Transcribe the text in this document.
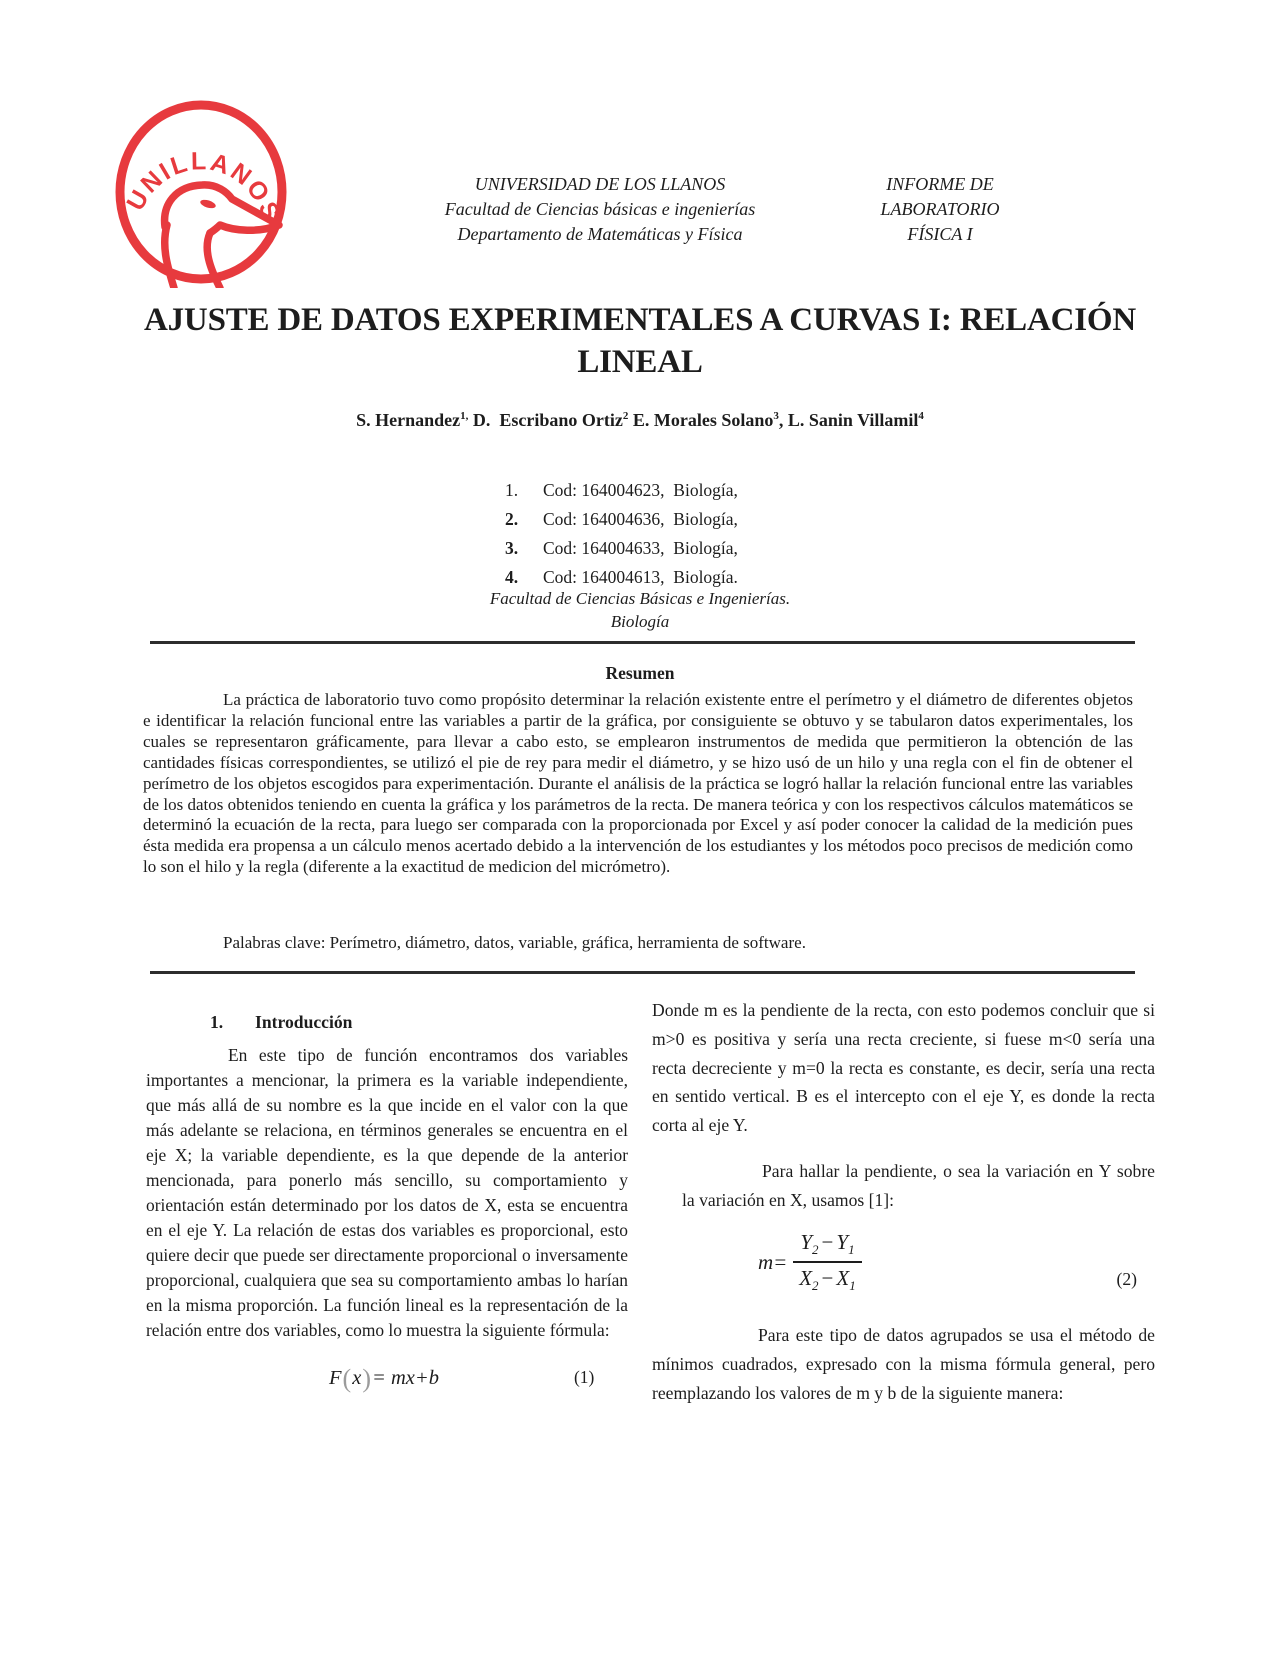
UNILLANOS
UNIVERSIDAD DE LOS LLANOS
Facultad de Ciencias básicas e ingenierías
Departamento de Matemáticas y Física
INFORME DE
LABORATORIO
FÍSICA I
AJUSTE DE DATOS EXPERIMENTALES A CURVAS I: RELACIÓN
LINEAL
S. Hernandez$^{1,}$ D.  Escribano Ortiz$^2$ E. Morales Solano$^3$, L. Sanin Villamil$^4$
1.	Cod: 164004623,  Biología,
2.	Cod: 164004636,  Biología,
3.	Cod: 164004633,  Biología,
4.	Cod: 164004613,  Biología.
Facultad de Ciencias Básicas e Ingenierías.
Biología
Resumen

La práctica de laboratorio tuvo como propósito determinar la relación existente entre el perímetro y el diámetro de diferentes objetos e identificar la relación funcional entre las variables a partir de la gráfica, por consiguiente se obtuvo y se tabularon datos experimentales, los cuales se representaron gráficamente, para llevar a cabo esto, se emplearon instrumentos de medida que permitieron la obtención de las cantidades físicas correspondientes, se utilizó el pie de rey para medir el diámetro, y se hizo usó de un hilo y una regla con el fin de obtener el perímetro de los objetos escogidos para experimentación. Durante el análisis de la práctica se logró hallar la relación funcional entre las variables de los datos obtenidos teniendo en cuenta la gráfica y los parámetros de la recta. De manera teórica y con los respectivos cálculos matemáticos se determinó la ecuación de la recta, para luego ser comparada con la proporcionada por Excel y así poder conocer la calidad de la medición pues ésta medida era propensa a un cálculo menos acertado debido a la intervención de los estudiantes y los métodos poco precisos de medición como lo son el hilo y la regla (diferente a la exactitud de medicion del micrómetro).

Palabras clave: Perímetro, diámetro, datos, variable, gráfica, herramienta de software.

1.	Introducción

En este tipo de función encontramos dos variables importantes a mencionar, la primera es la variable independiente, que más allá de su nombre es la que incide en el valor con la que más adelante se relaciona, en términos generales se encuentra en el eje X; la variable dependiente, es la que depende de la anterior mencionada, para ponerlo más sencillo, su comportamiento y orientación están determinado por los datos de X, esta se encuentra en el eje Y. La relación de estas dos variables es proporcional, esto quiere decir que puede ser directamente proporcional o inversamente proporcional, cualquiera que sea su comportamiento ambas lo harían en la misma proporción. La función lineal es la representación de la relación entre dos variables, como lo muestra la siguiente fórmula:

F(x)= mx+b	(1)

Donde m es la pendiente de la recta, con esto podemos concluir que si m>0 es positiva y sería una recta creciente, si fuese m<0 sería una recta decreciente y m=0 la recta es constante, es decir, sería una recta en sentido vertical. B es el intercepto con el eje Y, es donde la recta corta al eje Y.

Para hallar la pendiente, o sea la variación en Y sobre la variación en X, usamos [1]:

$m= \frac{Y_2 - Y_1}{X_2 - X_1}$	(2)

Para este tipo de datos agrupados se usa el método de mínimos cuadrados, expresado con la misma fórmula general, pero reemplazando los valores de m y b de la siguiente manera:
